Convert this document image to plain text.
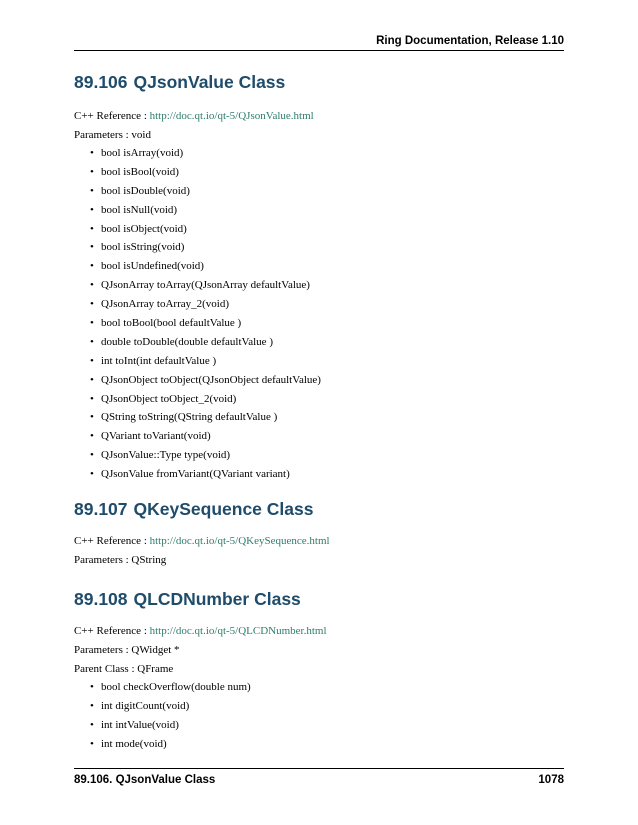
Ring Documentation, Release 1.10
89.106 QJsonValue Class

C++ Reference : http://doc.qt.io/qt-5/QJsonValue.html

Parameters : void

• bool isArray(void)
• bool isBool(void)
• bool isDouble(void)
• bool isNull(void)
• bool isObject(void)
• bool isString(void)
• bool isUndefined(void)
• QJsonArray toArray(QJsonArray defaultValue)
• QJsonArray toArray_2(void)
• bool toBool(bool defaultValue )
• double toDouble(double defaultValue )
• int toInt(int defaultValue )
• QJsonObject toObject(QJsonObject defaultValue)
• QJsonObject toObject_2(void)
• QString toString(QString defaultValue )
• QVariant toVariant(void)
• QJsonValue::Type type(void)
• QJsonValue fromVariant(QVariant variant)
89.107 QKeySequence Class

C++ Reference : http://doc.qt.io/qt-5/QKeySequence.html

Parameters : QString

89.108 QLCDNumber Class

C++ Reference : http://doc.qt.io/qt-5/QLCDNumber.html

Parameters : QWidget *

Parent Class : QFrame

• bool checkOverflow(double num)
• int digitCount(void)
• int intValue(void)
• int mode(void)
89.106. QJsonValue Class	1078
